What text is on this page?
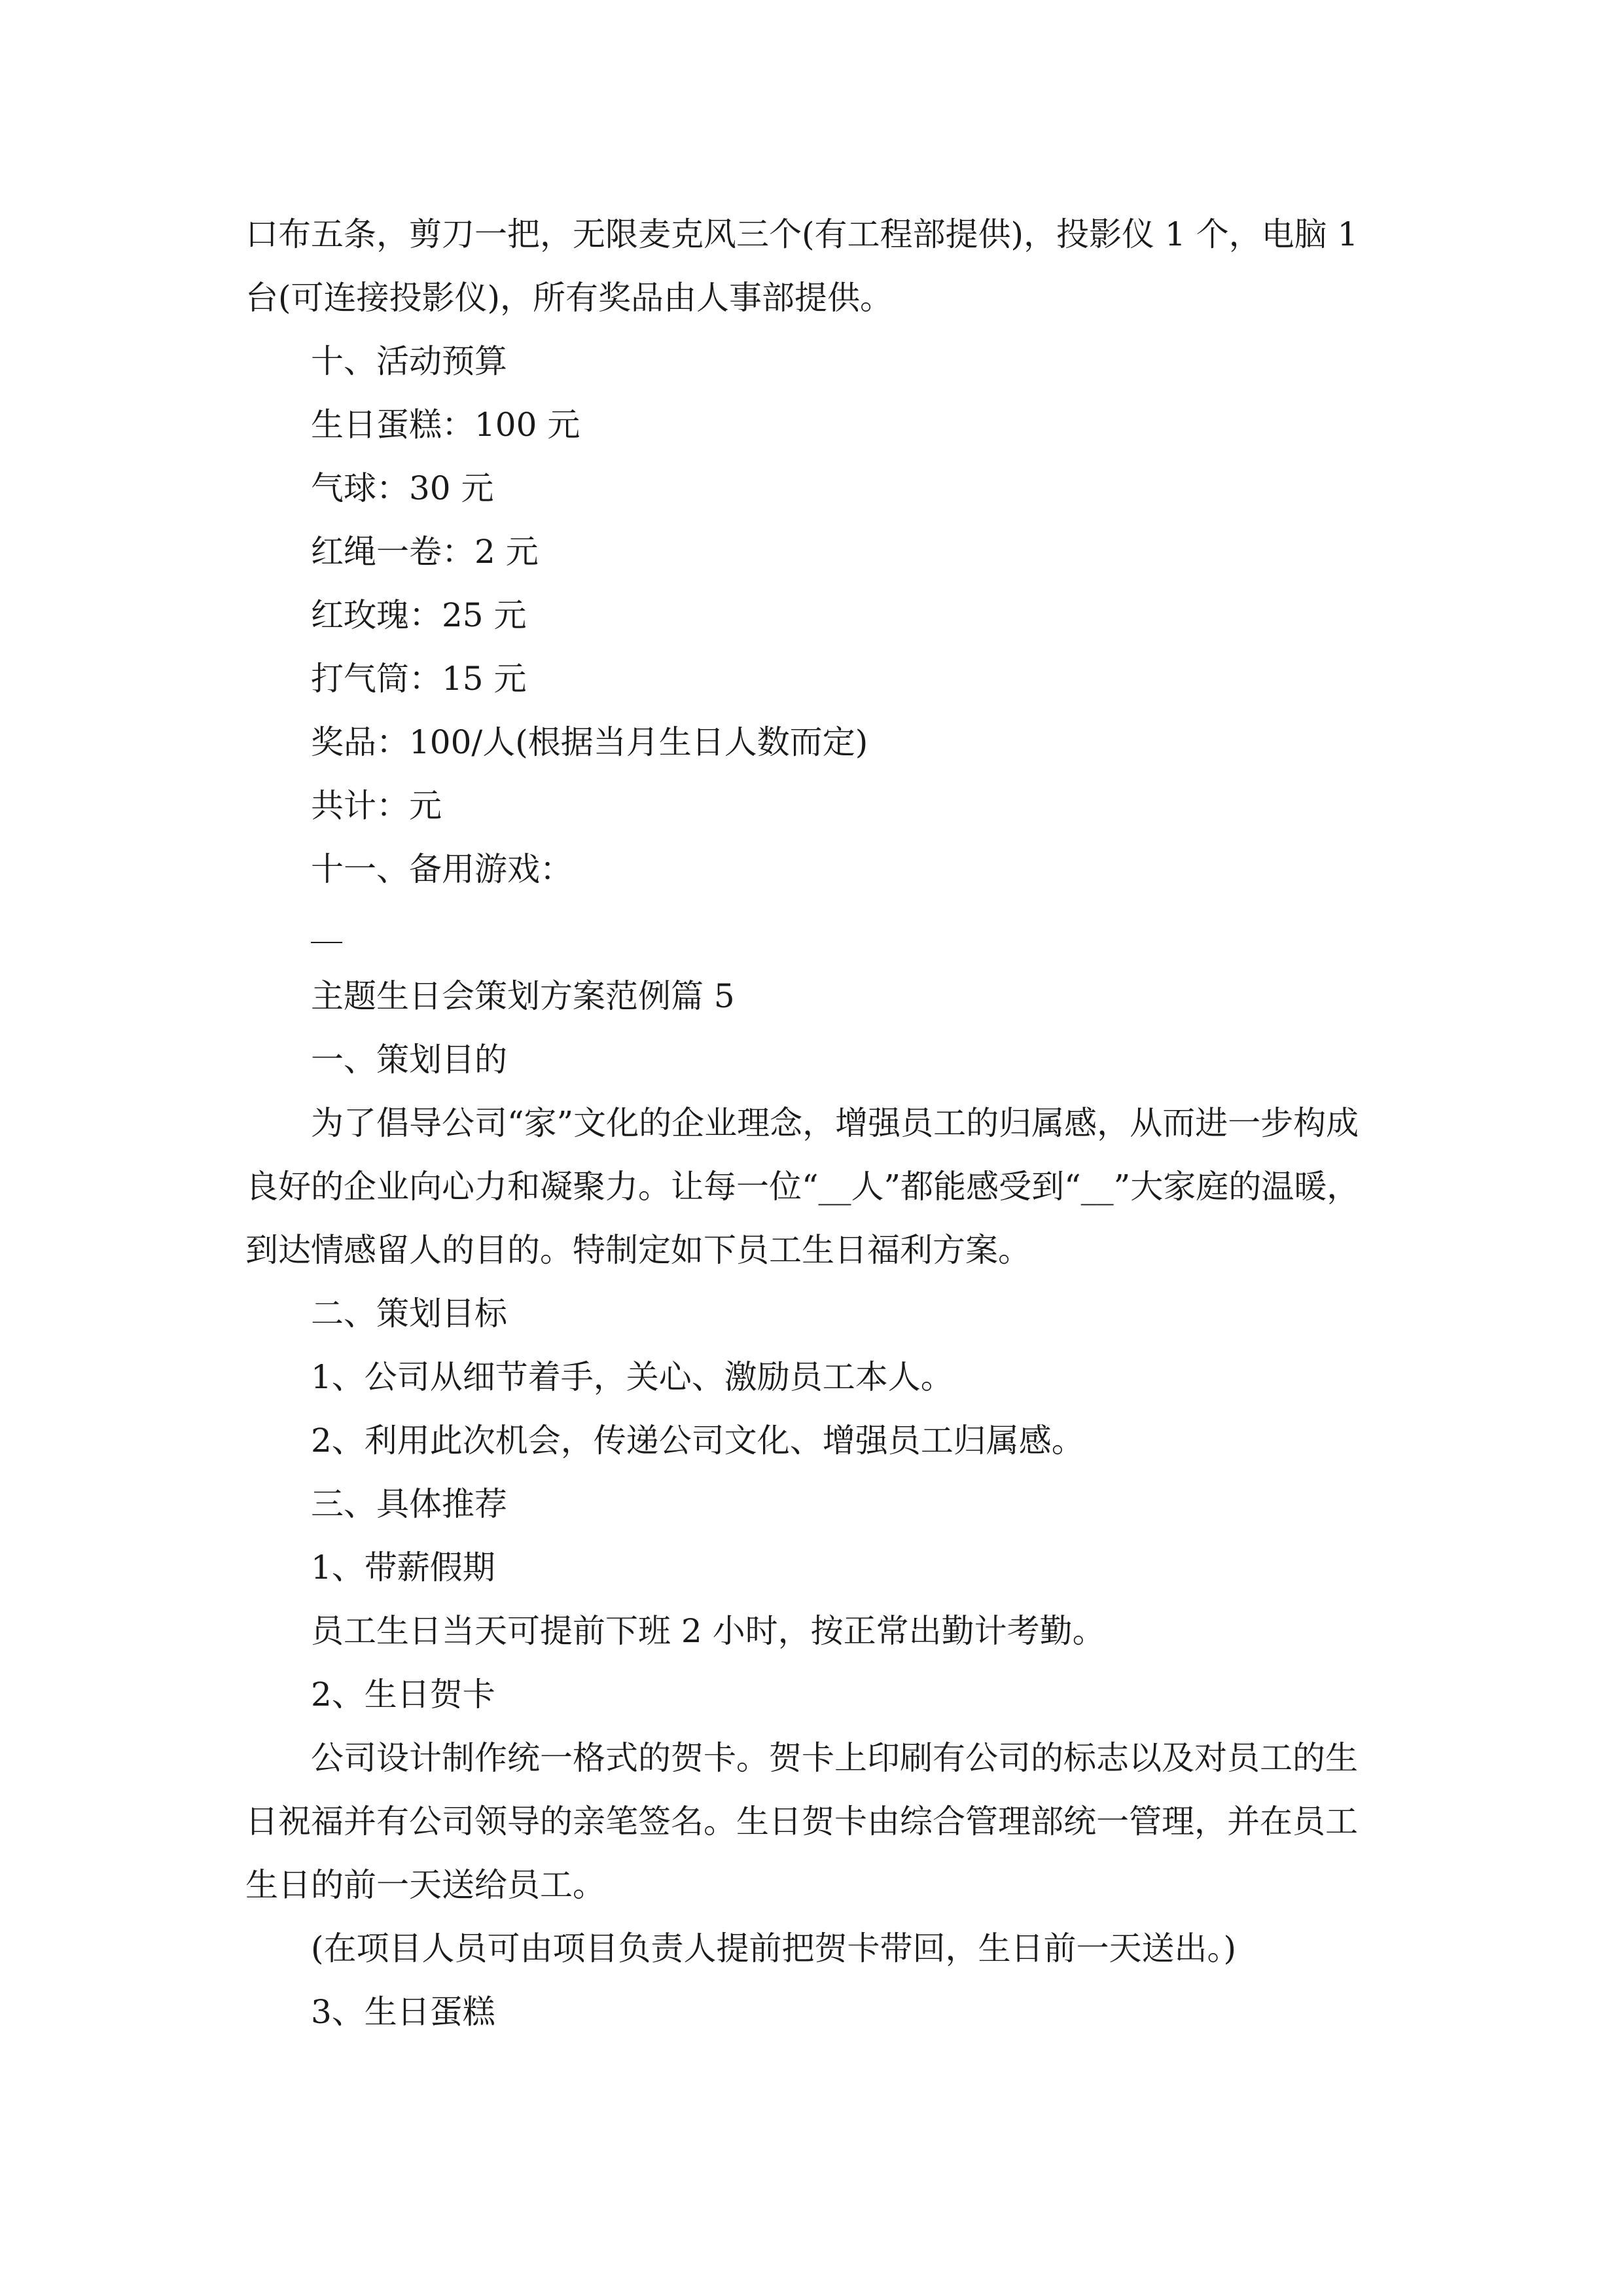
口布五条，剪刀一把，无限麦克风三个(有工程部提供)，投影仪 1 个，电脑 1 台(可连接投影仪)，所有奖品由人事部提供。

十、活动预算

生日蛋糕：100 元

气球：30 元

红绳一卷：2 元

红玫瑰：25 元

打气筒：15 元

奖品：100/人(根据当月生日人数而定)

共计：元

十一、备用游戏：

主题生日会策划方案范例篇 5

一、策划目的

为了倡导公司“家”文化的企业理念，增强员工的归属感，从而进一步构成良好的企业向心力和凝聚力。让每一位“__人”都能感受到“__”大家庭的温暖，到达情感留人的目的。特制定如下员工生日福利方案。

二、策划目标

1、公司从细节着手，关心、激励员工本人。

2、利用此次机会，传递公司文化、增强员工归属感。

三、具体推荐

1、带薪假期

员工生日当天可提前下班 2 小时，按正常出勤计考勤。

2、生日贺卡

公司设计制作统一格式的贺卡。贺卡上印刷有公司的标志以及对员工的生日祝福并有公司领导的亲笔签名。生日贺卡由综合管理部统一管理，并在员工生日的前一天送给员工。

(在项目人员可由项目负责人提前把贺卡带回，生日前一天送出。)

3、生日蛋糕
